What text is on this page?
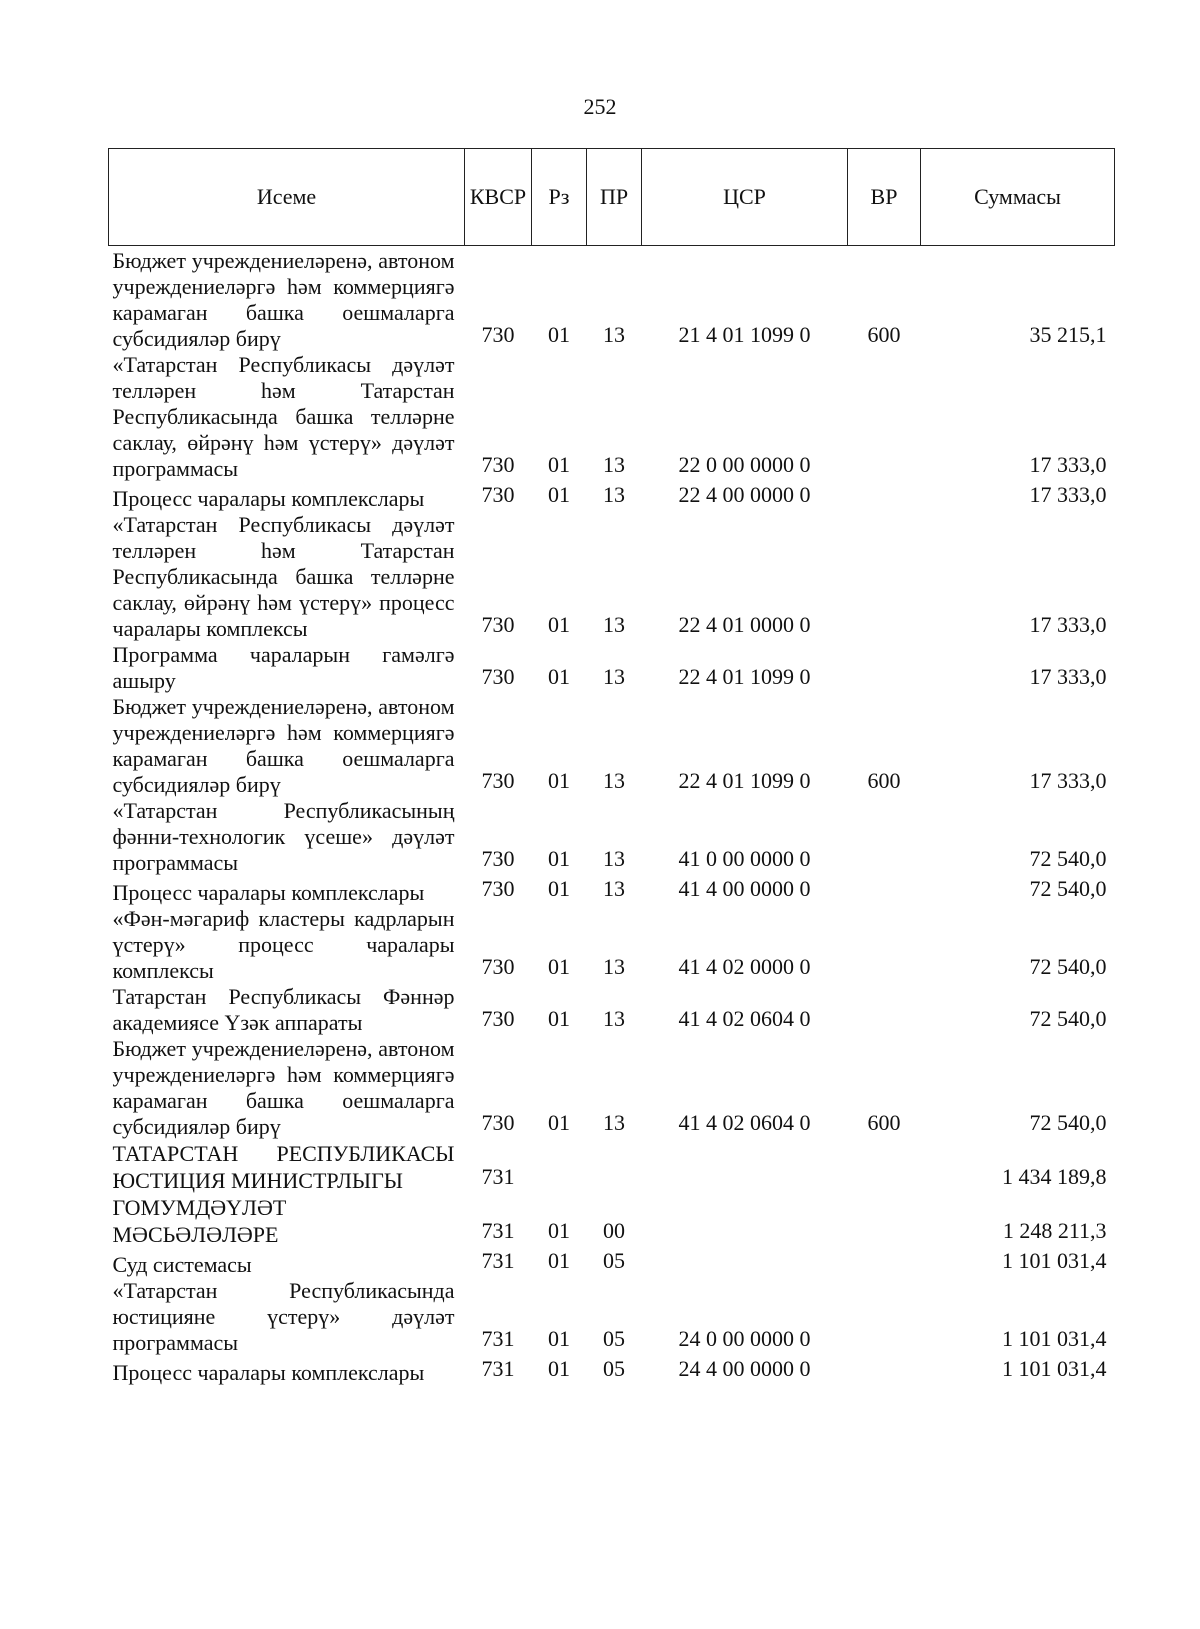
252
Исеме	КВСР	Рз	ПР	ЦСР	ВР	Суммасы
Бюджет учреждениеләренә, автоном учреждениеләргә һәм коммерциягә карамаган башка оешмаларга субсидияләр бирү	730	01	13	21 4 01 1099 0	600	35 215,1
«Татарстан Республикасы дәүләт телләрен һәм Татарстан Республикасында башка телләрне саклау, өйрәнү һәм үстерү» дәүләт программасы	730	01	13	22 0 00 0000 0		17 333,0
Процесс чаралары комплекслары	730	01	13	22 4 00 0000 0		17 333,0
«Татарстан Республикасы дәүләт телләрен һәм Татарстан Республикасында башка телләрне саклау, өйрәнү һәм үстерү» процесс чаралары комплексы	730	01	13	22 4 01 0000 0		17 333,0
Программа чараларын гамәлгә ашыру	730	01	13	22 4 01 1099 0		17 333,0
Бюджет учреждениеләренә, автоном учреждениеләргә һәм коммерциягә карамаган башка оешмаларга субсидияләр бирү	730	01	13	22 4 01 1099 0	600	17 333,0
«Татарстан Республикасының фәнни-технологик үсеше» дәүләт программасы	730	01	13	41 0 00 0000 0		72 540,0
Процесс чаралары комплекслары	730	01	13	41 4 00 0000 0		72 540,0
«Фән-мәгариф кластеры кадрларын үстерү» процесс чаралары комплексы	730	01	13	41 4 02 0000 0		72 540,0
Татарстан Республикасы Фәннәр академиясе Үзәк аппараты	730	01	13	41 4 02 0604 0		72 540,0
Бюджет учреждениеләренә, автоном учреждениеләргә һәм коммерциягә карамаган башка оешмаларга субсидияләр бирү	730	01	13	41 4 02 0604 0	600	72 540,0
ТАТАРСТАН РЕСПУБЛИКАСЫ ЮСТИЦИЯ МИНИСТРЛЫГЫ	731					1 434 189,8
ГОМУМДӘҮЛӘТ МӘСЬӘЛӘЛӘРЕ	731	01	00			1 248 211,3
Суд системасы	731	01	05			1 101 031,4
«Татарстан Республикасында юстицияне үстерү» дәүләт программасы	731	01	05	24 0 00 0000 0		1 101 031,4
Процесс чаралары комплекслары	731	01	05	24 4 00 0000 0		1 101 031,4
